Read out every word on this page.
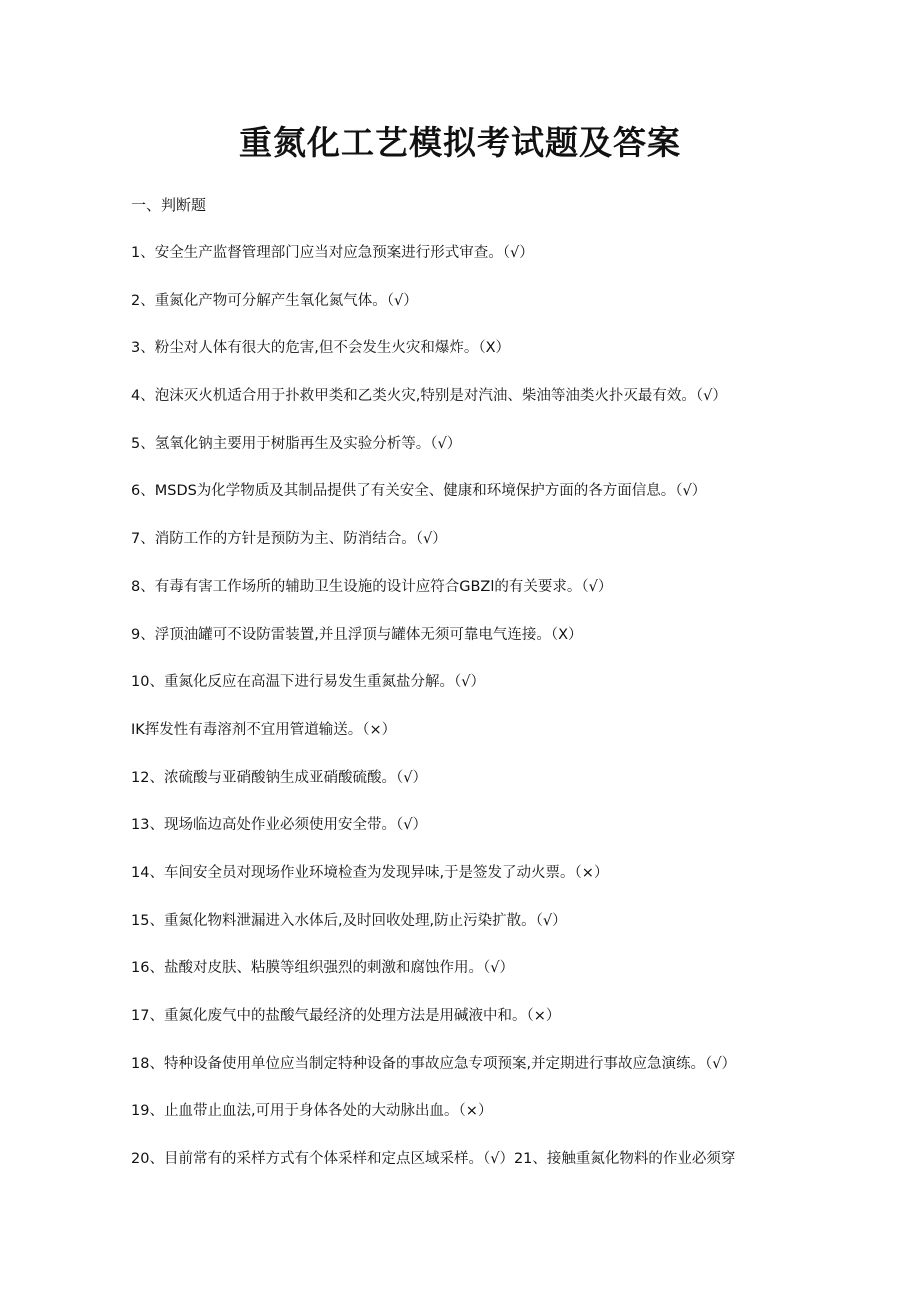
重氮化工艺模拟考试题及答案

一、判断题

1、安全生产监督管理部门应当对应急预案进行形式审查。（√）
2、重氮化产物可分解产生氧化氮气体。（√）
3、粉尘对人体有很大的危害,但不会发生火灾和爆炸。（X）
4、泡沫灭火机适合用于扑救甲类和乙类火灾,特别是对汽油、柴油等油类火扑灭最有效。（√）
5、氢氧化钠主要用于树脂再生及实验分析等。（√）
6、MSDS为化学物质及其制品提供了有关安全、健康和环境保护方面的各方面信息。（√）
7、消防工作的方针是预防为主、防消结合。（√）
8、有毒有害工作场所的辅助卫生设施的设计应符合GBZl的有关要求。（√）
9、浮顶油罐可不设防雷装置,并且浮顶与罐体无须可靠电气连接。（X）
10、重氮化反应在高温下进行易发生重氮盐分解。（√）
IK挥发性有毒溶剂不宜用管道输送。（×）
12、浓硫酸与亚硝酸钠生成亚硝酸硫酸。（√）
13、现场临边高处作业必须使用安全带。（√）
14、车间安全员对现场作业环境检查为发现异味,于是签发了动火票。（×）
15、重氮化物料泄漏进入水体后,及时回收处理,防止污染扩散。（√）
16、盐酸对皮肤、粘膜等组织强烈的刺激和腐蚀作用。（√）
17、重氮化废气中的盐酸气最经济的处理方法是用碱液中和。（×）
18、特种设备使用单位应当制定特种设备的事故应急专项预案,并定期进行事故应急演练。（√）
19、止血带止血法,可用于身体各处的大动脉出血。（×）
20、目前常有的采样方式有个体采样和定点区域采样。（√）21、接触重氮化物料的作业必须穿
